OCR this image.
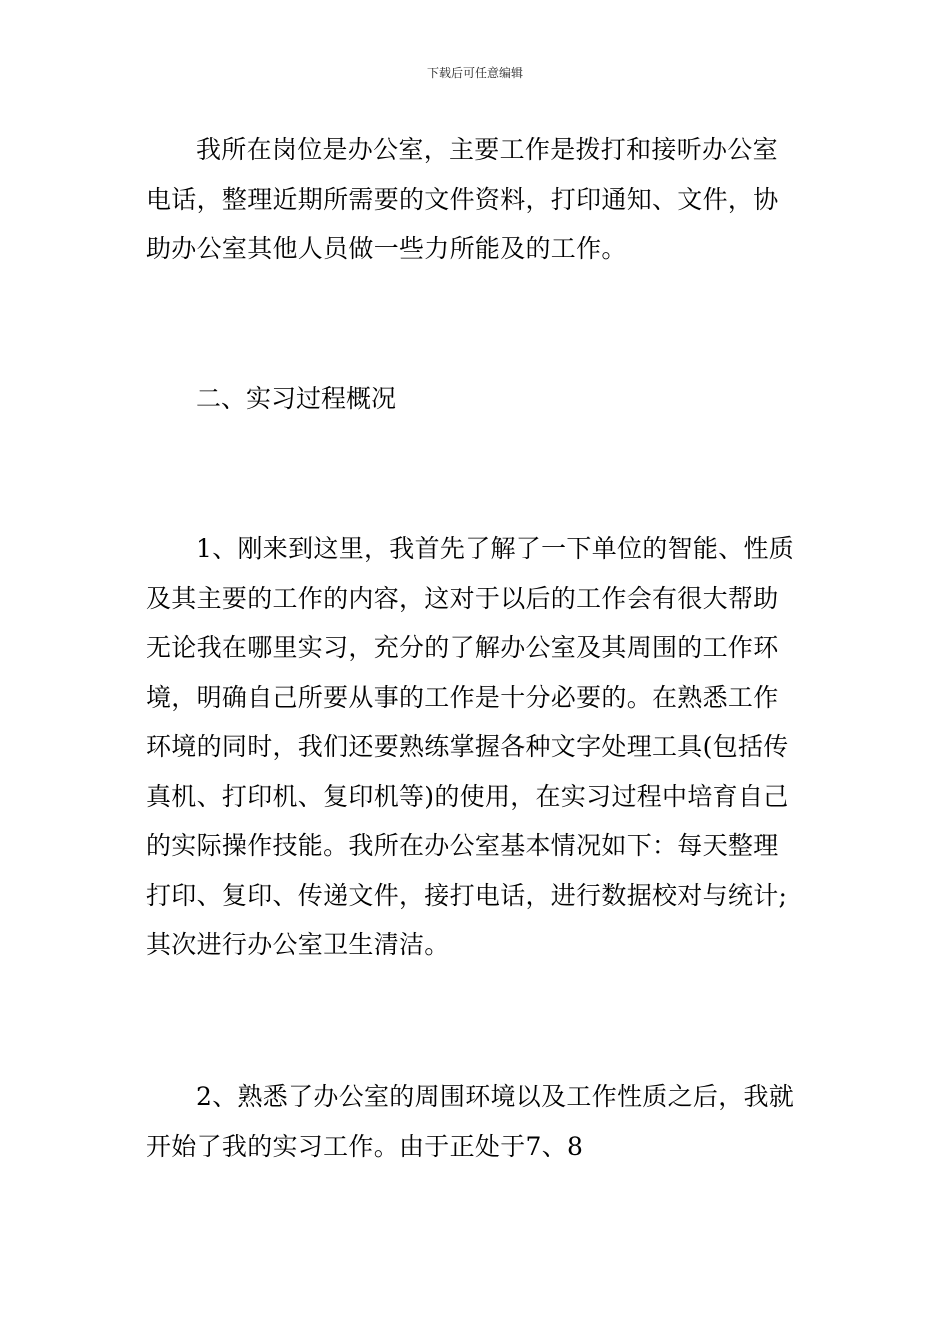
下载后可任意编辑
我所在岗位是办公室，主要工作是拨打和接听办公室
电话，整理近期所需要的文件资料，打印通知、文件，协
助办公室其他人员做一些力所能及的工作。
二、实习过程概况
1、刚来到这里，我首先了解了一下单位的智能、性质
及其主要的工作的内容，这对于以后的工作会有很大帮助
无论我在哪里实习，充分的了解办公室及其周围的工作环
境，明确自己所要从事的工作是十分必要的。在熟悉工作
环境的同时，我们还要熟练掌握各种文字处理工具(包括传
真机、打印机、复印机等)的使用，在实习过程中培育自己
的实际操作技能。我所在办公室基本情况如下：每天整理
打印、复印、传递文件，接打电话，进行数据校对与统计;
其次进行办公室卫生清洁。
2、熟悉了办公室的周围环境以及工作性质之后，我就
开始了我的实习工作。由于正处于7、8
